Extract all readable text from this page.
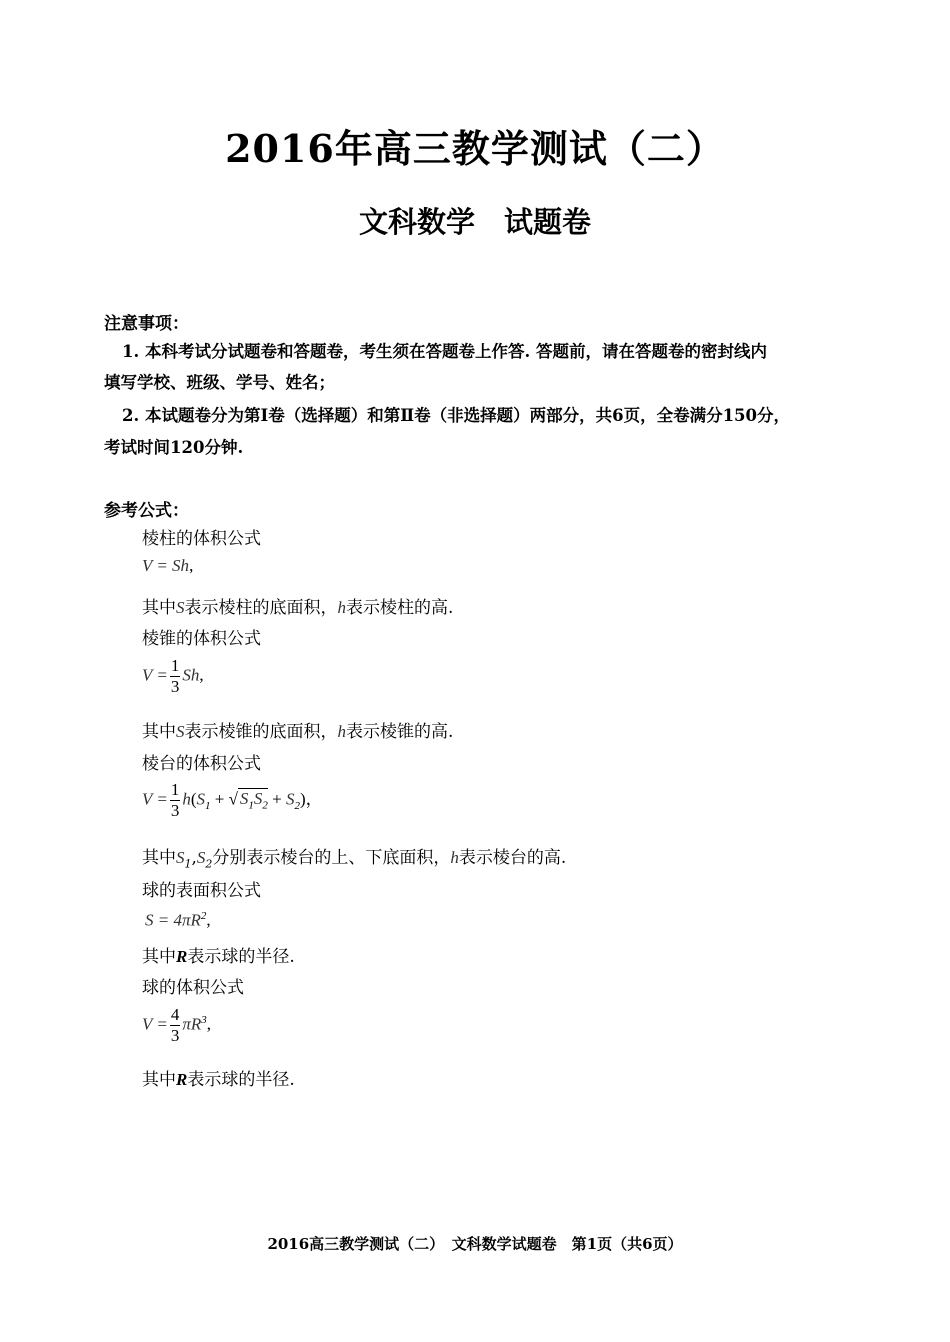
2016年高三教学测试（二）
文科数学　试题卷
注意事项：
1. 本科考试分试题卷和答题卷，考生须在答题卷上作答. 答题前，请在答题卷的密封线内
填写学校、班级、学号、姓名；
2. 本试题卷分为第Ⅰ卷（选择题）和第Ⅱ卷（非选择题）两部分，共6页，全卷满分150分，
考试时间120分钟.
参考公式：
棱柱的体积公式
V = Sh,
其中S表示棱柱的底面积，h表示棱柱的高.
棱锥的体积公式
$V = \frac{1}{3} Sh$,
其中S表示棱锥的底面积，h表示棱锥的高.
棱台的体积公式
$V = \frac{1}{3} h(S_1$ + √ $S_1S_2 + S_2$)，
其中$S_1,S_2$分别表示棱台的上、下底面积，h表示棱台的高.
球的表面积公式
$S = 4\pi R^2$,
其中R表示球的半径.
球的体积公式
$V = \frac{4}{3} \pi R^3$,
其中R表示球的半径.
2016高三教学测试（二）　文科数学试题卷　第1页（共6页）
